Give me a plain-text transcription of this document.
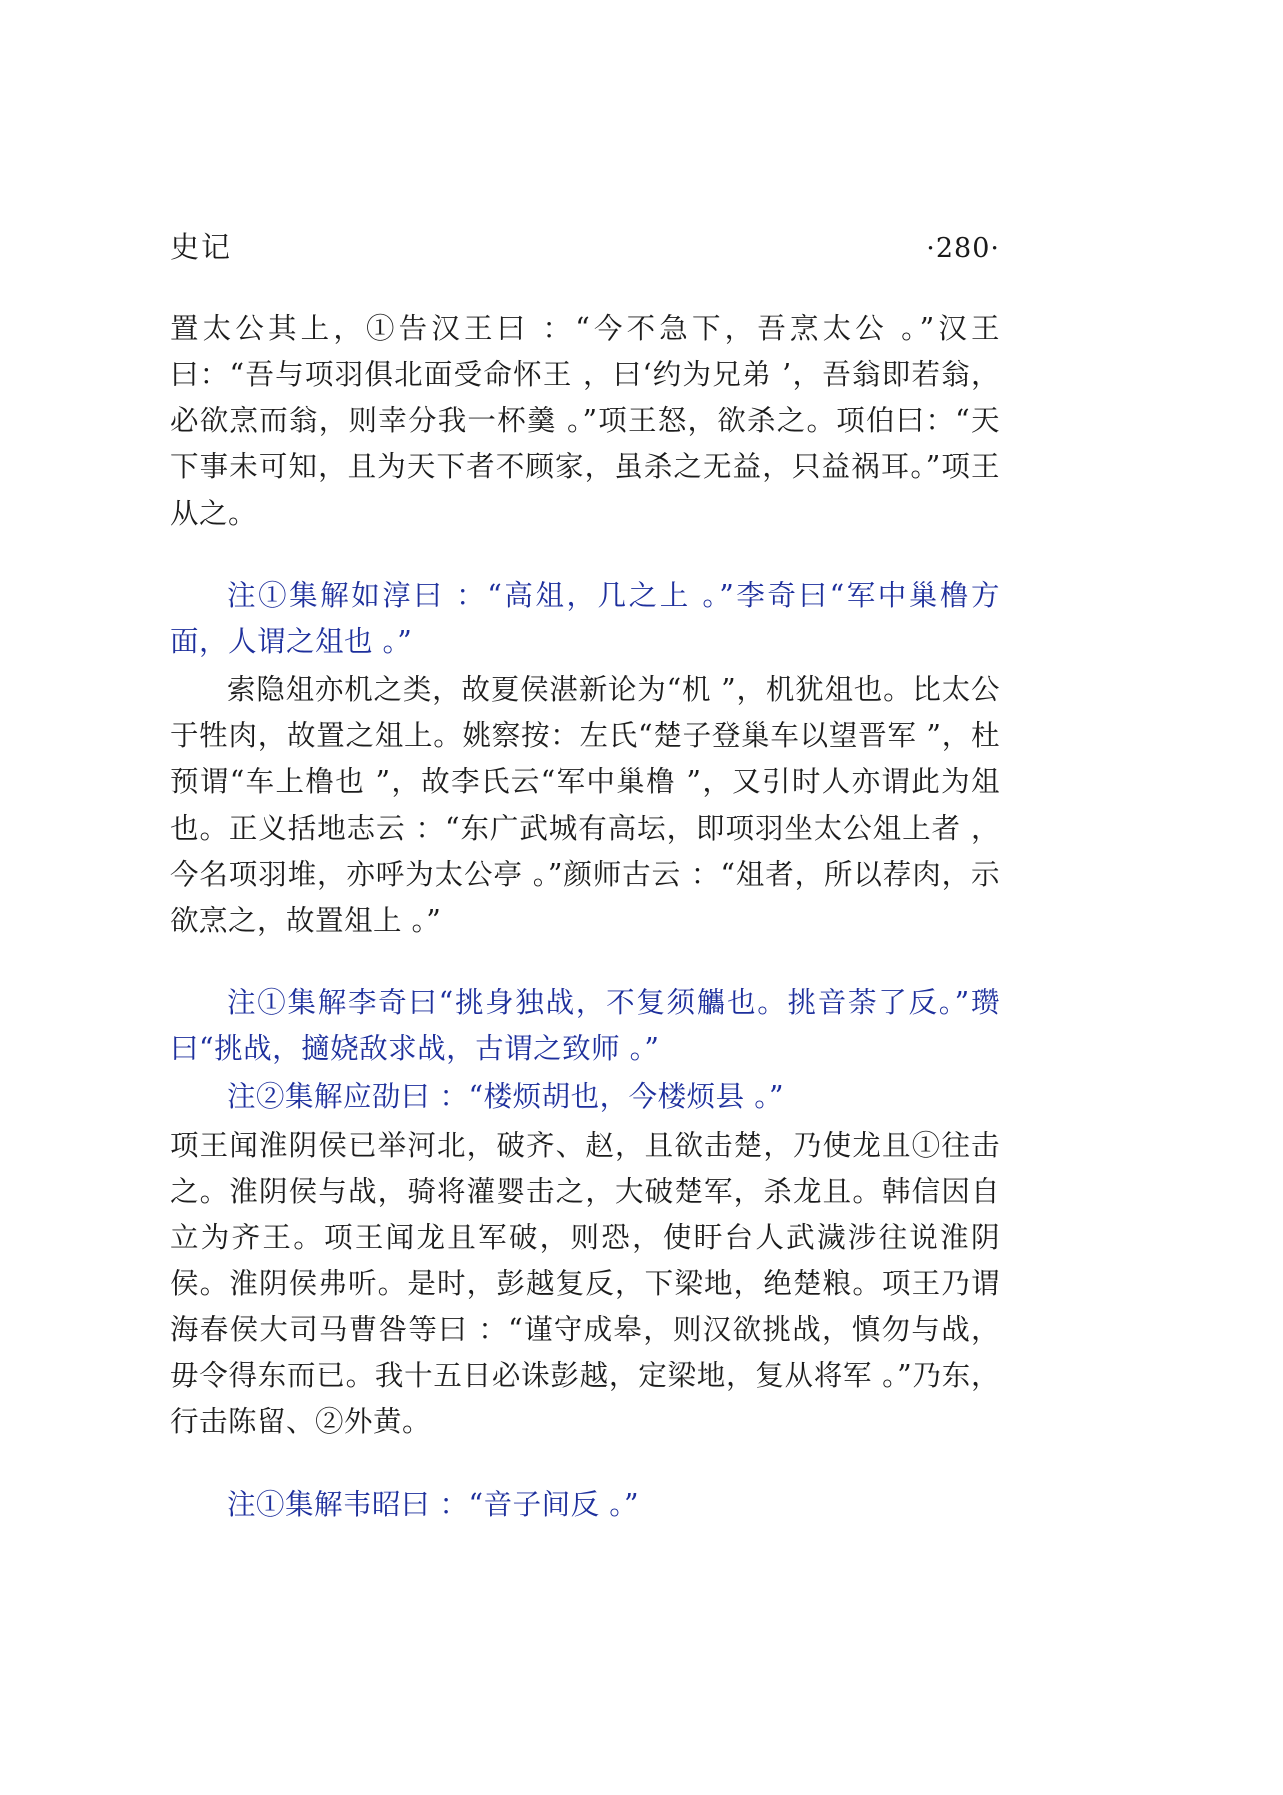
史记	·280·

置太公其上，①告汉王曰 ：“今不急下，吾烹太公 。”汉王曰：“吾与项羽俱北面受命怀王 ，曰‘约为兄弟 ’，吾翁即若翁，必欲烹而翁，则幸分我一杯羹 。”项王怒，欲杀之。项伯曰：“天下事未可知，且为天下者不顾家，虽杀之无益，只益祸耳。”项王从之。

注①集解如淳曰 ：“高俎，几之上 。”李奇曰“军中巢橹方面，人谓之俎也 。”

索隐俎亦机之类，故夏侯湛新论为“机 ”，机犹俎也。比太公于牲肉，故置之俎上。姚察按：左氏“楚子登巢车以望晋军 ”，杜预谓“车上橹也 ”，故李氏云“军中巢橹 ”，又引时人亦谓此为俎也。正义括地志云 ：“东广武城有高坛，即项羽坐太公俎上者 ，今名项羽堆，亦呼为太公亭 。”颜师古云 ：“俎者，所以荐肉，示欲烹之，故置俎上 。”

注①集解李奇曰“挑身独战，不复须觿也。挑音荼了反。”瓒曰“挑战，擿娆敌求战，古谓之致师 。”

注②集解应劭曰 ：“楼烦胡也，今楼烦县 。”

项王闻淮阴侯已举河北，破齐、赵，且欲击楚，乃使龙且①往击之。淮阴侯与战，骑将灌婴击之，大破楚军，杀龙且。韩信因自立为齐王。项王闻龙且军破，则恐，使盱台人武濊涉往说淮阴侯。淮阴侯弗听。是时，彭越复反，下梁地，绝楚粮。项王乃谓海春侯大司马曹咎等曰 ：“谨守成皋，则汉欲挑战，慎勿与战，毋令得东而已。我十五日必诛彭越，定梁地，复从将军 。”乃东，行击陈留、②外黄。

注①集解韦昭曰 ：“音子间反 。”
